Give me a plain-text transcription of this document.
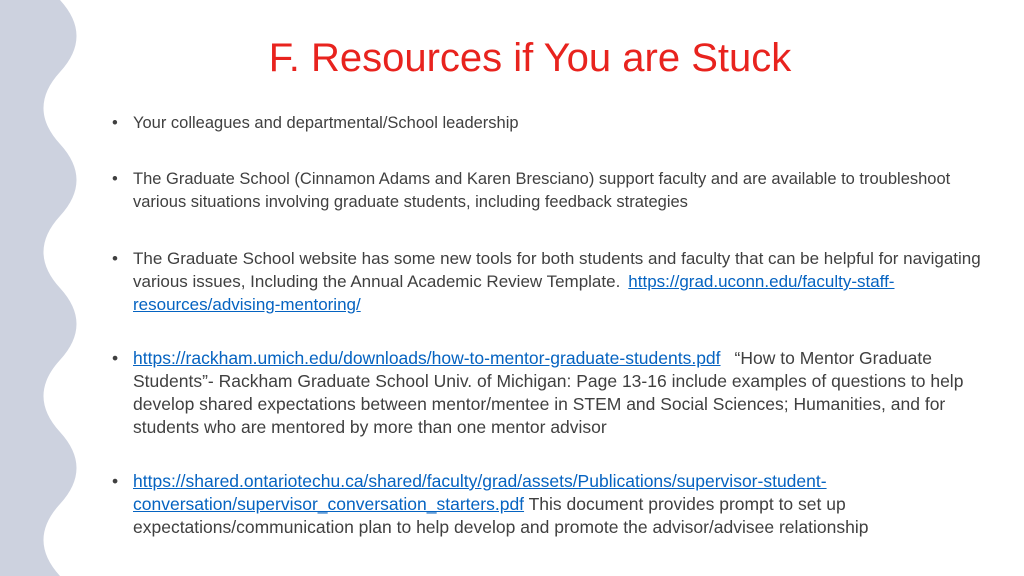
F. Resources if You are Stuck
• Your colleagues and departmental/School leadership
• The Graduate School (Cinnamon Adams and Karen Bresciano) support faculty and are available to troubleshoot various situations involving graduate students, including feedback strategies
• The Graduate School website has some new tools for both students and faculty that can be helpful for navigating various issues, Including the Annual Academic Review Template. https://grad.uconn.edu/faculty-staff-resources/advising-mentoring/
• https://rackham.umich.edu/downloads/how-to-mentor-graduate-students.pdf “How to Mentor Graduate Students”- Rackham Graduate School Univ. of Michigan: Page 13-16 include examples of questions to help develop shared expectations between mentor/mentee in STEM and Social Sciences; Humanities, and for students who are mentored by more than one mentor advisor
• https://shared.ontariotechu.ca/shared/faculty/grad/assets/Publications/supervisor-student-
conversation/supervisor_conversation_starters.pdf This document provides prompt to set up expectations/communication plan to help develop and promote the advisor/advisee relationship
